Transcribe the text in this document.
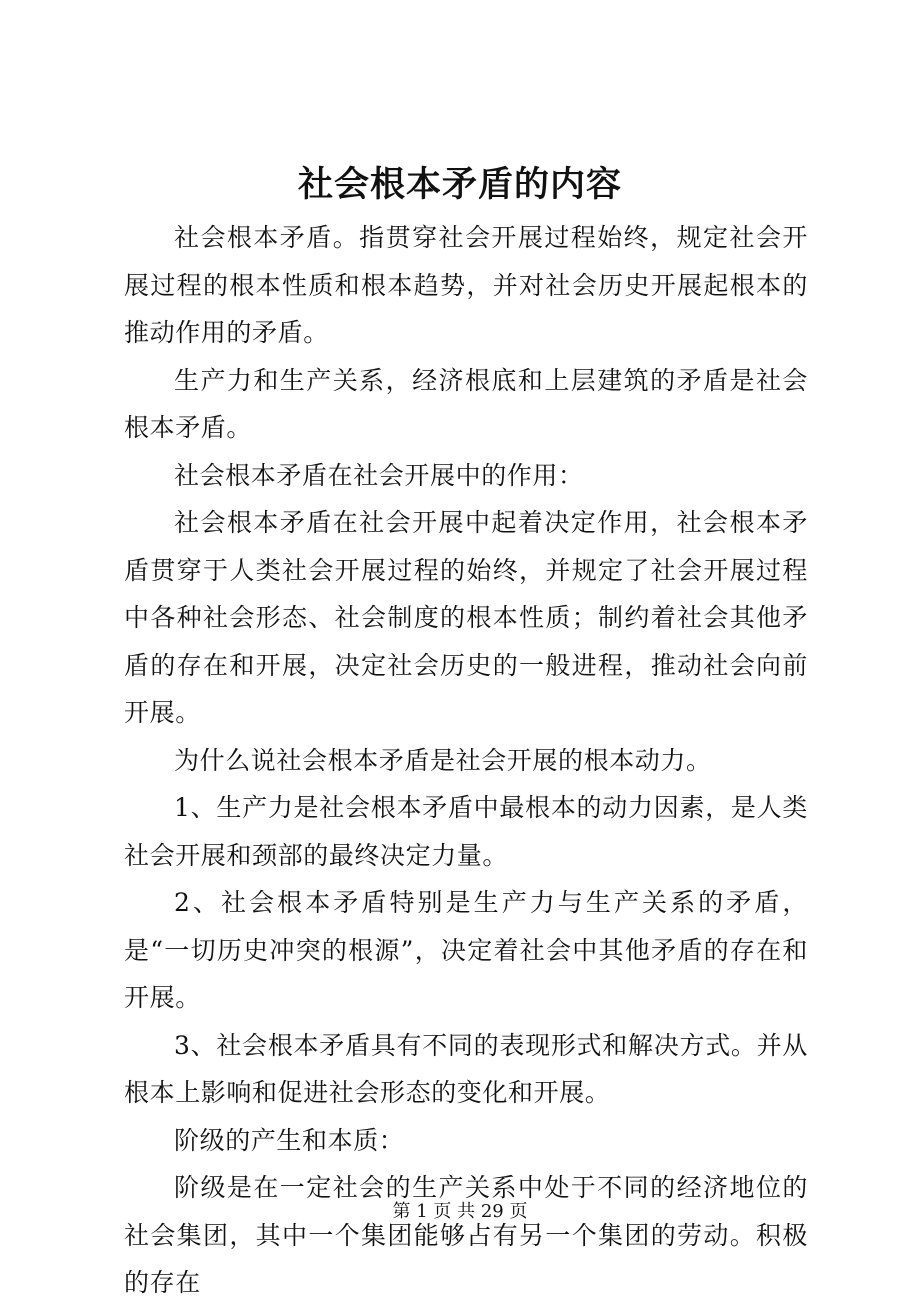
社会根本矛盾的内容

社会根本矛盾。指贯穿社会开展过程始终，规定社会开展过程的根本性质和根本趋势，并对社会历史开展起根本的推动作用的矛盾。

生产力和生产关系，经济根底和上层建筑的矛盾是社会根本矛盾。

社会根本矛盾在社会开展中的作用：

社会根本矛盾在社会开展中起着决定作用，社会根本矛盾贯穿于人类社会开展过程的始终，并规定了社会开展过程中各种社会形态、社会制度的根本性质；制约着社会其他矛盾的存在和开展，决定社会历史的一般进程，推动社会向前开展。

为什么说社会根本矛盾是社会开展的根本动力。

1、生产力是社会根本矛盾中最根本的动力因素，是人类社会开展和颈部的最终决定力量。

2、社会根本矛盾特别是生产力与生产关系的矛盾，是“一切历史冲突的根源”，决定着社会中其他矛盾的存在和开展。

3、社会根本矛盾具有不同的表现形式和解决方式。并从根本上影响和促进社会形态的变化和开展。

阶级的产生和本质：

阶级是在一定社会的生产关系中处于不同的经济地位的社会集团，其中一个集团能够占有另一个集团的劳动。积极的存在

第 1 页 共 29 页
